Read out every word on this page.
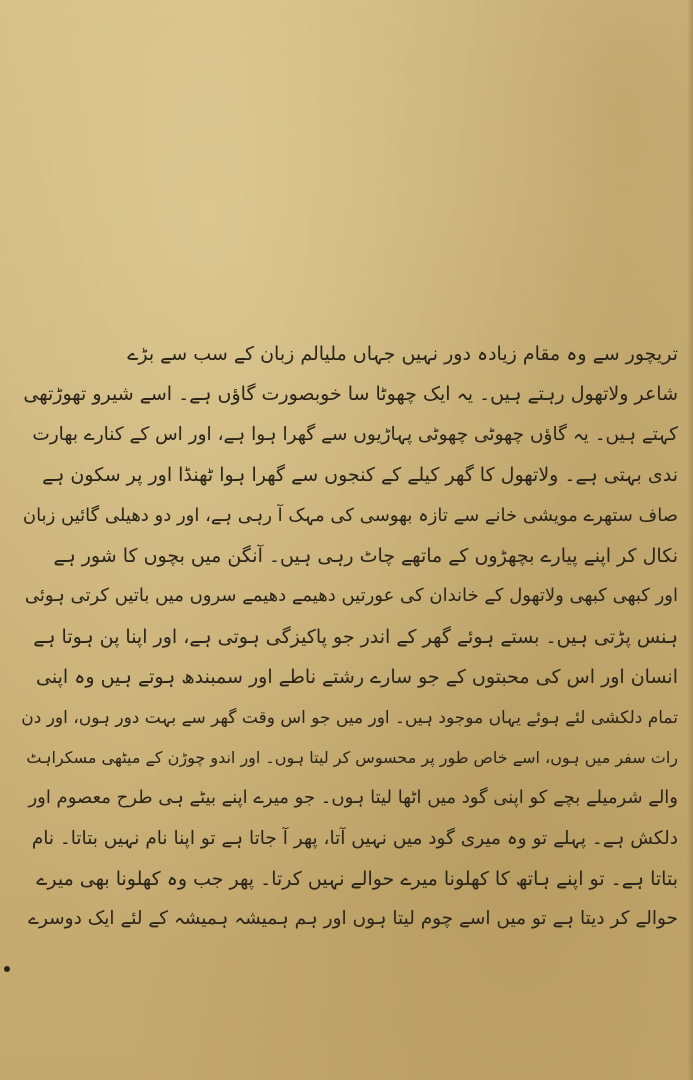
تریچور سے وہ مقام زیادہ دور نہیں جہاں ملیالم زبان کے سب سے بڑے
شاعر ولاتھول رہتے ہیں۔ یہ ایک چھوٹا سا خوبصورت گاؤں ہے۔ اسے شیرو تھوڑتھی
کہتے ہیں۔ یہ گاؤں چھوٹی چھوٹی پہاڑیوں سے گھرا ہوا ہے، اور اس کے کنارے بھارت
ندی بہتی ہے۔ ولاتھول کا گھر کیلے کے کنجوں سے گھرا ہوا ٹھنڈا اور پر سکون ہے
صاف ستھرے مویشی خانے سے تازہ بھوسی کی مہک آ رہی ہے، اور دو دھیلی گائیں زبان
نکال کر اپنے پیارے بچھڑوں کے ماتھے چاٹ رہی ہیں۔ آنگن میں بچوں کا شور ہے
اور کبھی کبھی ولاتھول کے خاندان کی عورتیں دھیمے دھیمے سروں میں باتیں کرتی ہوئی
ہنس پڑتی ہیں۔ بستے ہوئے گھر کے اندر جو پاکیزگی ہوتی ہے، اور اپنا پن ہوتا ہے
انسان اور اس کی محبتوں کے جو سارے رشتے ناطے اور سمبندھ ہوتے ہیں وہ اپنی
تمام دلکشی لئے ہوئے یہاں موجود ہیں۔ اور میں جو اس وقت گھر سے بہت دور ہوں، اور دن
رات سفر میں ہوں، اسے خاص طور پر محسوس کر لیتا ہوں۔ اور اندو چوڑن کے میٹھی مسکراہٹ
والے شرمیلے بچے کو اپنی گود میں اٹھا لیتا ہوں۔ جو میرے اپنے بیٹے ہی طرح معصوم اور
دلکش ہے۔ پہلے تو وہ میری گود میں نہیں آتا، پھر آ جاتا ہے تو اپنا نام نہیں بتاتا۔ نام
بتاتا ہے۔ تو اپنے ہاتھ کا کھلونا میرے حوالے نہیں کرتا۔ پھر جب وہ کھلونا بھی میرے
حوالے کر دیتا ہے تو میں اسے چوم لیتا ہوں اور ہم ہمیشہ ہمیشہ کے لئے ایک دوسرے
